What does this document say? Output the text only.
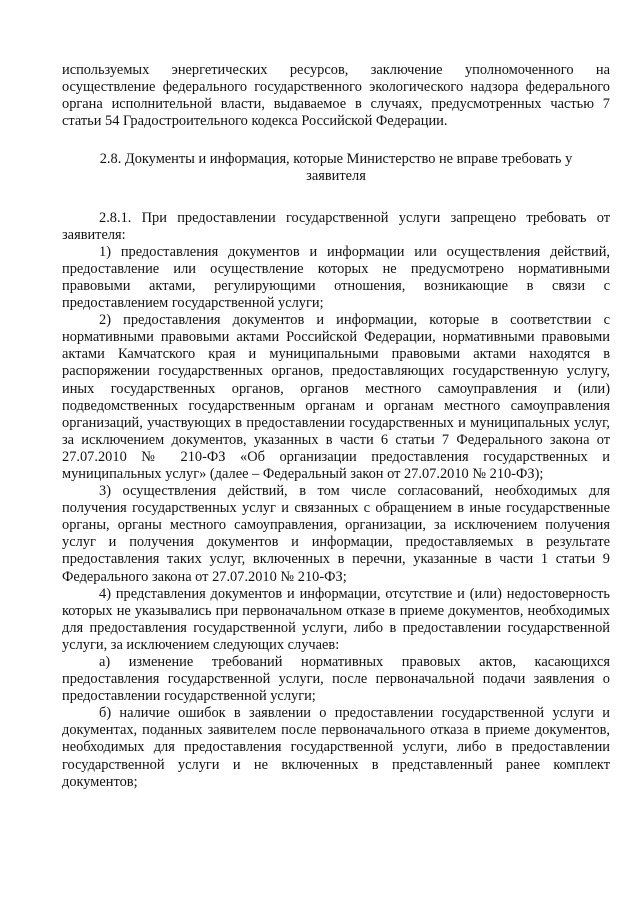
используемых энергетических ресурсов, заключение уполномоченного на осуществление федерального государственного экологического надзора федерального органа исполнительной власти, выдаваемое в случаях, предусмотренных частью 7 статьи 54 Градостроительного кодекса Российской Федерации.

2.8. Документы и информация, которые Министерство не вправе требовать у заявителя

2.8.1. При предоставлении государственной услуги запрещено требовать от заявителя:

1) предоставления документов и информации или осуществления действий, предоставление или осуществление которых не предусмотрено нормативными правовыми актами, регулирующими отношения, возникающие в связи с предоставлением государственной услуги;

2) предоставления документов и информации, которые в соответствии с нормативными правовыми актами Российской Федерации, нормативными правовыми актами Камчатского края и муниципальными правовыми актами находятся в распоряжении государственных органов, предоставляющих государственную услугу, иных государственных органов, органов местного самоуправления и (или) подведомственных государственным органам и органам местного самоуправления организаций, участвующих в предоставлении государственных и муниципальных услуг, за исключением документов, указанных в части 6 статьи 7 Федерального закона от 27.07.2010 № 210-ФЗ «Об организации предоставления государственных и муниципальных услуг» (далее – Федеральный закон от 27.07.2010 № 210-ФЗ);

3) осуществления действий, в том числе согласований, необходимых для получения государственных услуг и связанных с обращением в иные государственные органы, органы местного самоуправления, организации, за исключением получения услуг и получения документов и информации, предоставляемых в результате предоставления таких услуг, включенных в перечни, указанные в части 1 статьи 9 Федерального закона от 27.07.2010 № 210-ФЗ;

4) представления документов и информации, отсутствие и (или) недостоверность которых не указывались при первоначальном отказе в приеме документов, необходимых для предоставления государственной услуги, либо в предоставлении государственной услуги, за исключением следующих случаев:

а) изменение требований нормативных правовых актов, касающихся предоставления государственной услуги, после первоначальной подачи заявления о предоставлении государственной услуги;

б) наличие ошибок в заявлении о предоставлении государственной услуги и документах, поданных заявителем после первоначального отказа в приеме документов, необходимых для предоставления государственной услуги, либо в предоставлении государственной услуги и не включенных в представленный ранее комплект документов;
